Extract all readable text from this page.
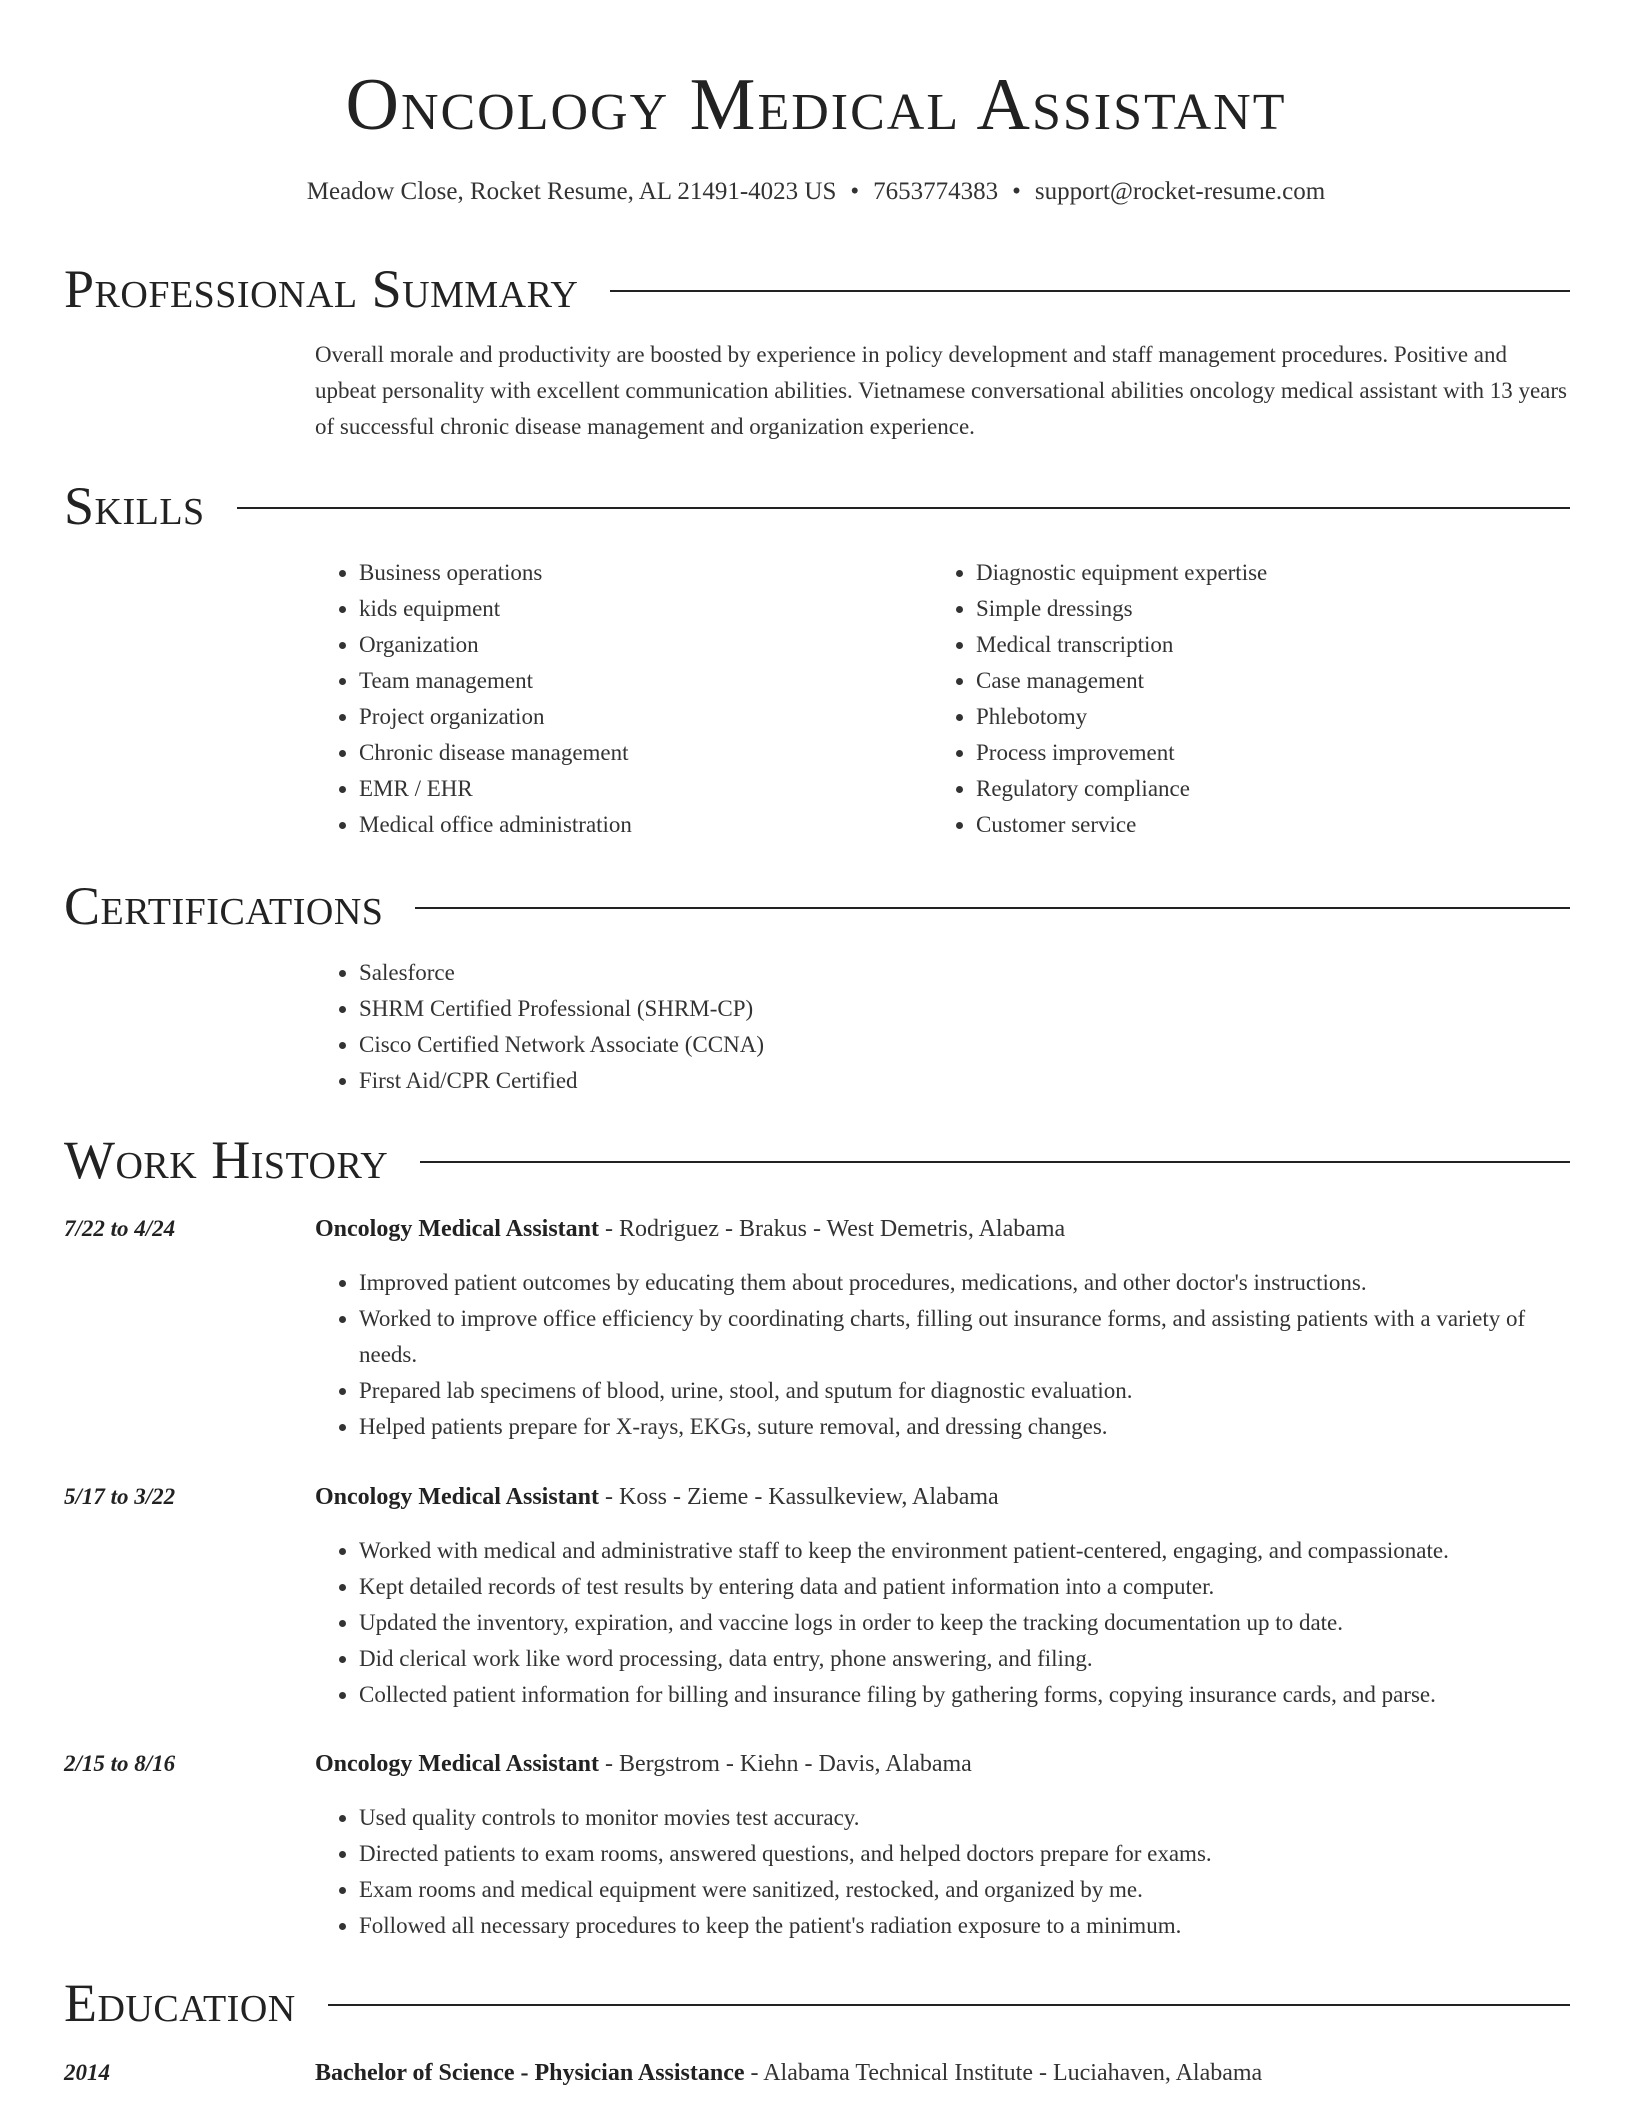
Oncology Medical Assistant
Meadow Close, Rocket Resume, AL 21491-4023 US • 7653774383 • support@rocket-resume.com
Professional Summary
Overall morale and productivity are boosted by experience in policy development and staff management procedures. Positive and upbeat personality with excellent communication abilities. Vietnamese conversational abilities oncology medical assistant with 13 years of successful chronic disease management and organization experience.
Skills
• Business operations
• kids equipment
• Organization
• Team management
• Project organization
• Chronic disease management
• EMR / EHR
• Medical office administration
• Diagnostic equipment expertise
• Simple dressings
• Medical transcription
• Case management
• Phlebotomy
• Process improvement
• Regulatory compliance
• Customer service
Certifications
• Salesforce
• SHRM Certified Professional (SHRM-CP)
• Cisco Certified Network Associate (CCNA)
• First Aid/CPR Certified
Work History
7/22 to 4/24	Oncology Medical Assistant - Rodriguez - Brakus - West Demetris, Alabama
• Improved patient outcomes by educating them about procedures, medications, and other doctor's instructions.
• Worked to improve office efficiency by coordinating charts, filling out insurance forms, and assisting patients with a variety of needs.
• Prepared lab specimens of blood, urine, stool, and sputum for diagnostic evaluation.
• Helped patients prepare for X-rays, EKGs, suture removal, and dressing changes.
5/17 to 3/22	Oncology Medical Assistant - Koss - Zieme - Kassulkeview, Alabama
• Worked with medical and administrative staff to keep the environment patient-centered, engaging, and compassionate.
• Kept detailed records of test results by entering data and patient information into a computer.
• Updated the inventory, expiration, and vaccine logs in order to keep the tracking documentation up to date.
• Did clerical work like word processing, data entry, phone answering, and filing.
• Collected patient information for billing and insurance filing by gathering forms, copying insurance cards, and parse.
2/15 to 8/16	Oncology Medical Assistant - Bergstrom - Kiehn - Davis, Alabama
• Used quality controls to monitor movies test accuracy.
• Directed patients to exam rooms, answered questions, and helped doctors prepare for exams.
• Exam rooms and medical equipment were sanitized, restocked, and organized by me.
• Followed all necessary procedures to keep the patient's radiation exposure to a minimum.
Education
2014	Bachelor of Science - Physician Assistance - Alabama Technical Institute - Luciahaven, Alabama
